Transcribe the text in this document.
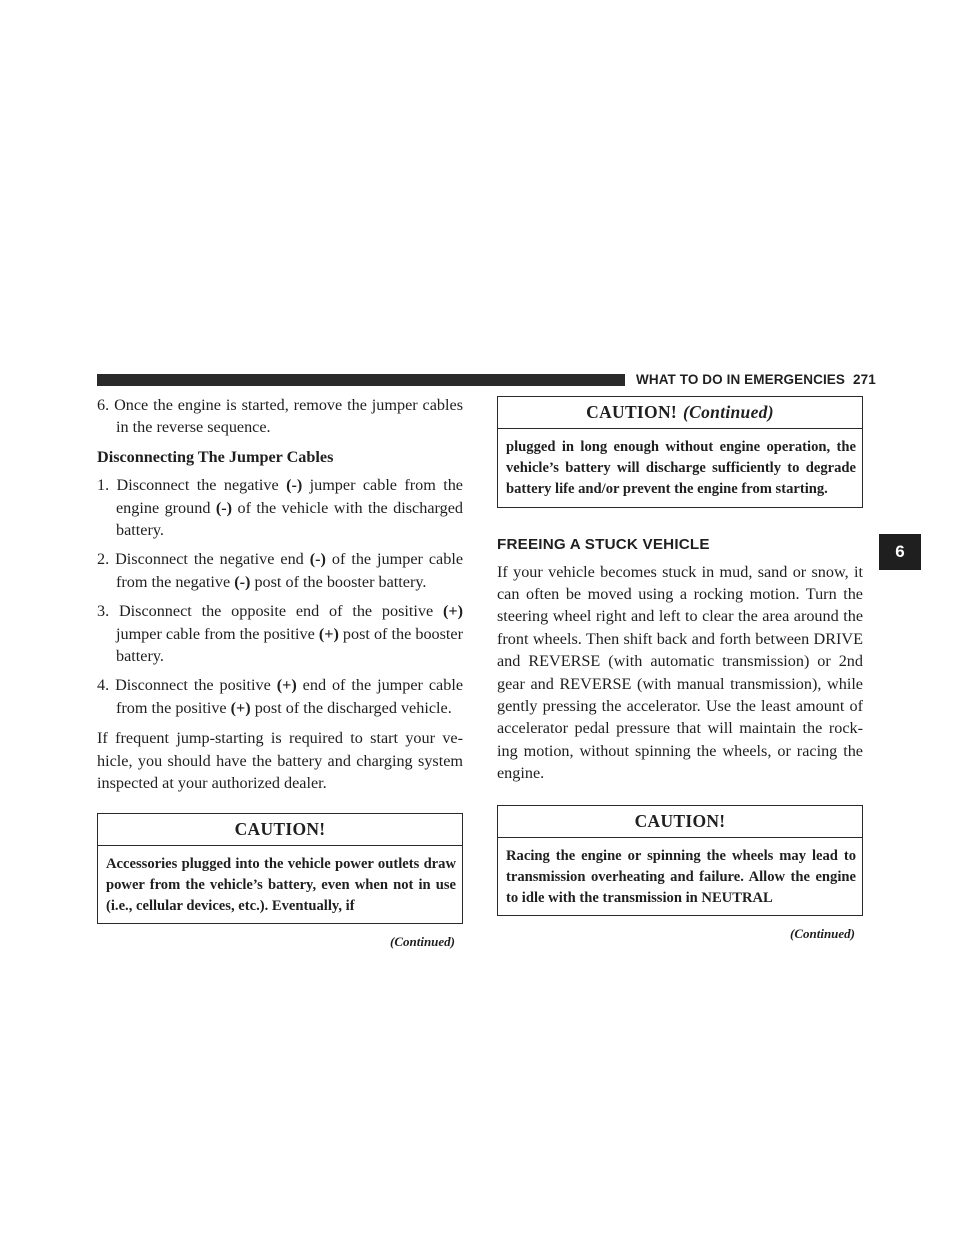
WHAT TO DO IN EMERGENCIES 271

6. Once the engine is started, remove the jumper cables in the reverse sequence.

Disconnecting The Jumper Cables

1. Disconnect the negative (-) jumper cable from the engine ground (-) of the vehicle with the discharged battery.

2. Disconnect the negative end (-) of the jumper cable from the negative (-) post of the booster battery.

3. Disconnect the opposite end of the positive (+) jumper cable from the positive (+) post of the booster battery.

4. Disconnect the positive (+) end of the jumper cable from the positive (+) post of the discharged vehicle.

If frequent jump-starting is required to start your ve-hicle, you should have the battery and charging system inspected at your authorized dealer.

CAUTION!
Accessories plugged into the vehicle power outlets draw power from the vehicle’s battery, even when not in use (i.e., cellular devices, etc.). Eventually, if
(Continued)
CAUTION! (Continued)
plugged in long enough without engine operation, the vehicle’s battery will discharge sufficiently to degrade battery life and/or prevent the engine from starting.
FREEING A STUCK VEHICLE

If your vehicle becomes stuck in mud, sand or snow, it can often be moved using a rocking motion. Turn the steering wheel right and left to clear the area around the front wheels. Then shift back and forth between DRIVE and REVERSE (with automatic transmission) or 2nd gear and REVERSE (with manual transmission), while gently pressing the accelerator. Use the least amount of accelerator pedal pressure that will maintain the rock-ing motion, without spinning the wheels, or racing the engine.

CAUTION!
Racing the engine or spinning the wheels may lead to transmission overheating and failure. Allow the engine to idle with the transmission in NEUTRAL
(Continued)
6
